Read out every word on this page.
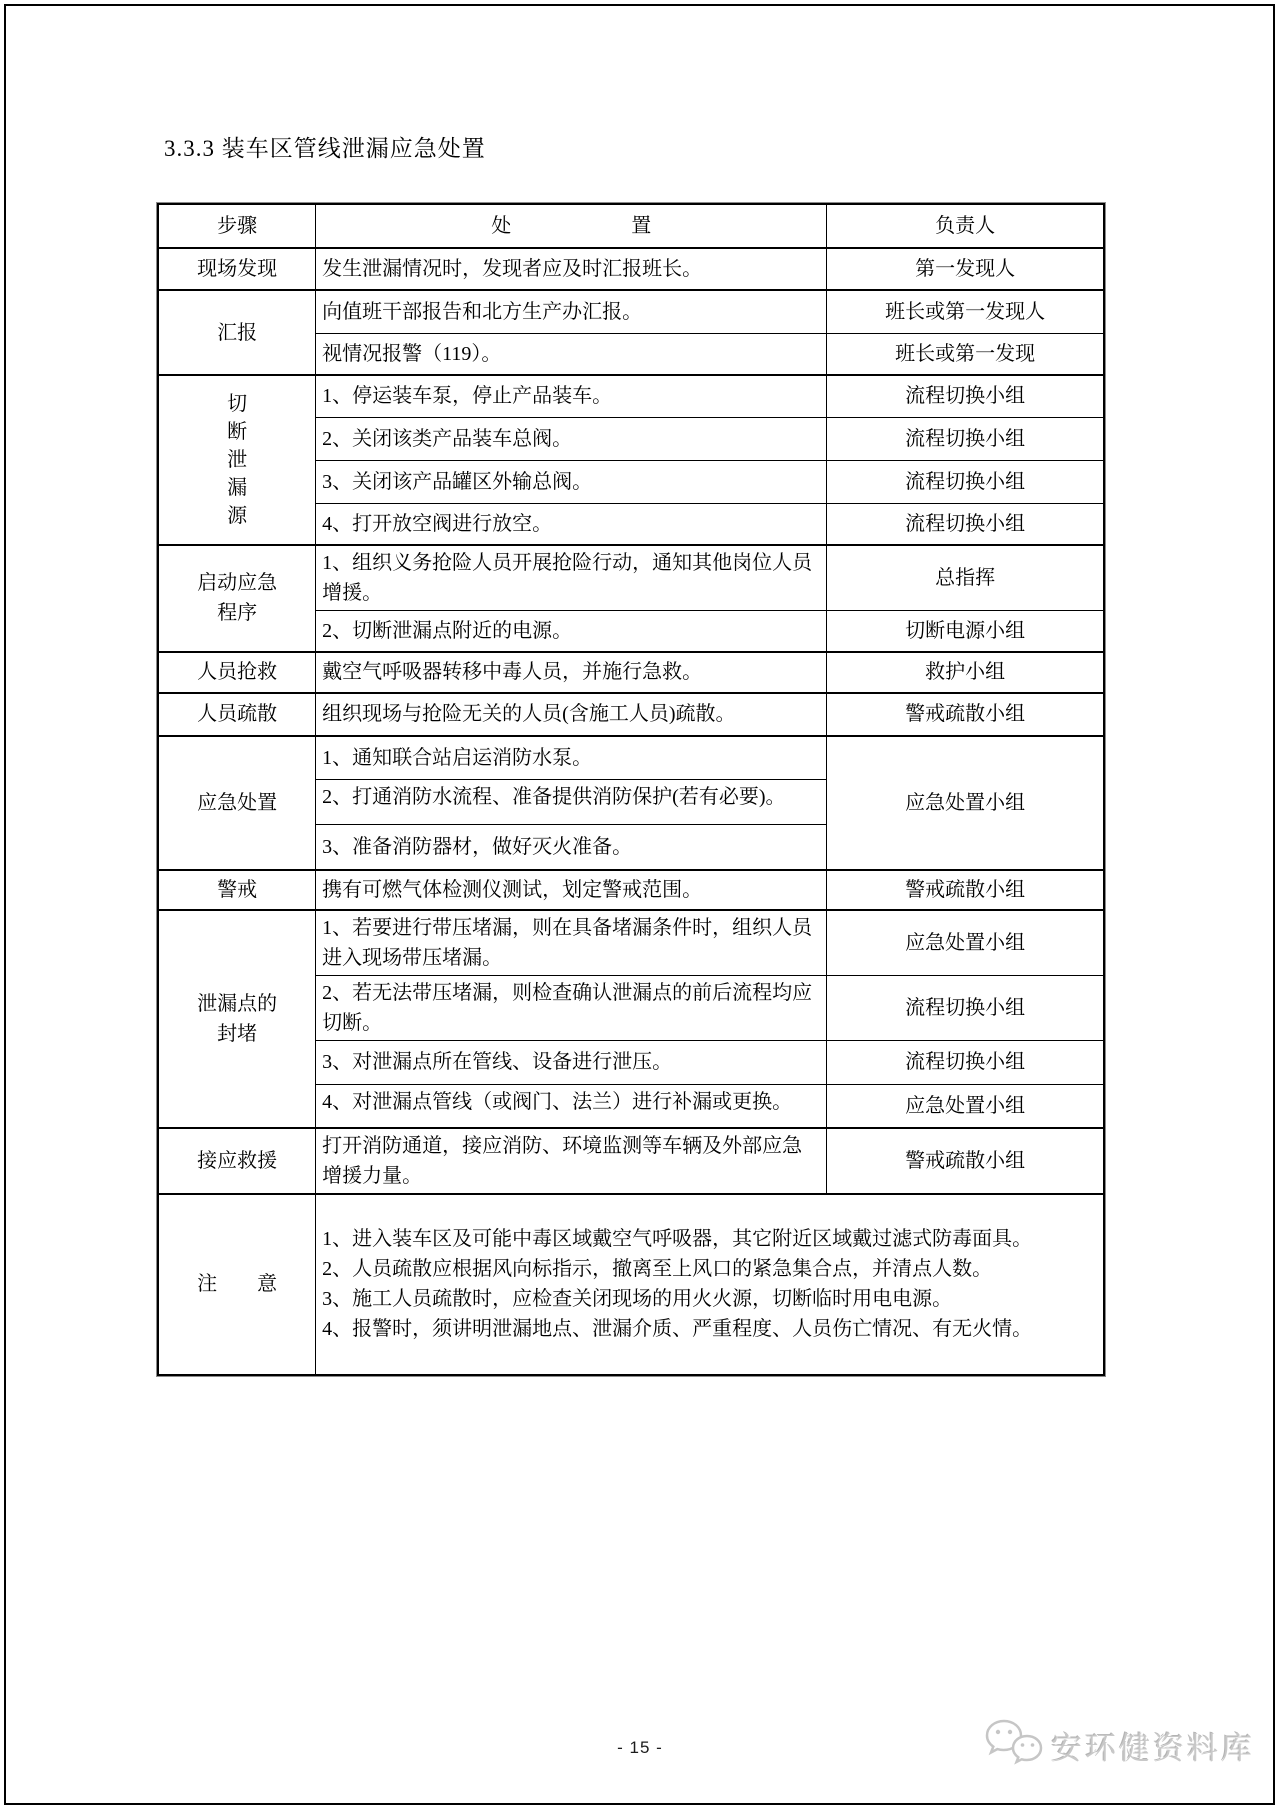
3.3.3 装车区管线泄漏应急处置
步骤	处　　　　　　置	负责人
现场发现	发生泄漏情况时，发现者应及时汇报班长。	第一发现人
汇报	向值班干部报告和北方生产办汇报。	班长或第一发现人
	视情况报警（119）。	班长或第一发现

切断泄漏源	1、停运装车泵，停止产品装车。	流程切换小组
	2、关闭该类产品装车总阀。	流程切换小组
	3、关闭该产品罐区外输总阀。	流程切换小组
	4、打开放空阀进行放空。	流程切换小组

启动应急程序	1、组织义务抢险人员开展抢险行动，通知其他岗位人员增援。	总指挥
	2、切断泄漏点附近的电源。	切断电源小组
人员抢救	戴空气呼吸器转移中毒人员，并施行急救。	救护小组
人员疏散	组织现场与抢险无关的人员(含施工人员)疏散。	警戒疏散小组
应急处置	1、通知联合站启运消防水泵。	应急处置小组

	2、打通消防水流程、准备提供消防保护(若有必要)。	

	3、准备消防器材，做好灭火准备。	
警戒	携有可燃气体检测仪测试，划定警戒范围。	警戒疏散小组

泄漏点的封堵	1、若要进行带压堵漏，则在具备堵漏条件时，组织人员进入现场带压堵漏。	应急处置小组
	2、若无法带压堵漏，则检查确认泄漏点的前后流程均应切断。	流程切换小组
	3、对泄漏点所在管线、设备进行泄压。	流程切换小组

	4、对泄漏点管线（或阀门、法兰）进行补漏或更换。	应急处置小组
接应救援	打开消防通道，接应消防、环境监测等车辆及外部应急增援力量。	警戒疏散小组
注　　意	1、进入装车区及可能中毒区域戴空气呼吸器，其它附近区域戴过滤式防毒面具。
2、人员疏散应根据风向标指示，撤离至上风口的紧急集合点，并清点人数。
3、施工人员疏散时，应检查关闭现场的用火火源，切断临时用电电源。
4、报警时，须讲明泄漏地点、泄漏介质、严重程度、人员伤亡情况、有无火情。	
- 15 -	安环健资料库
